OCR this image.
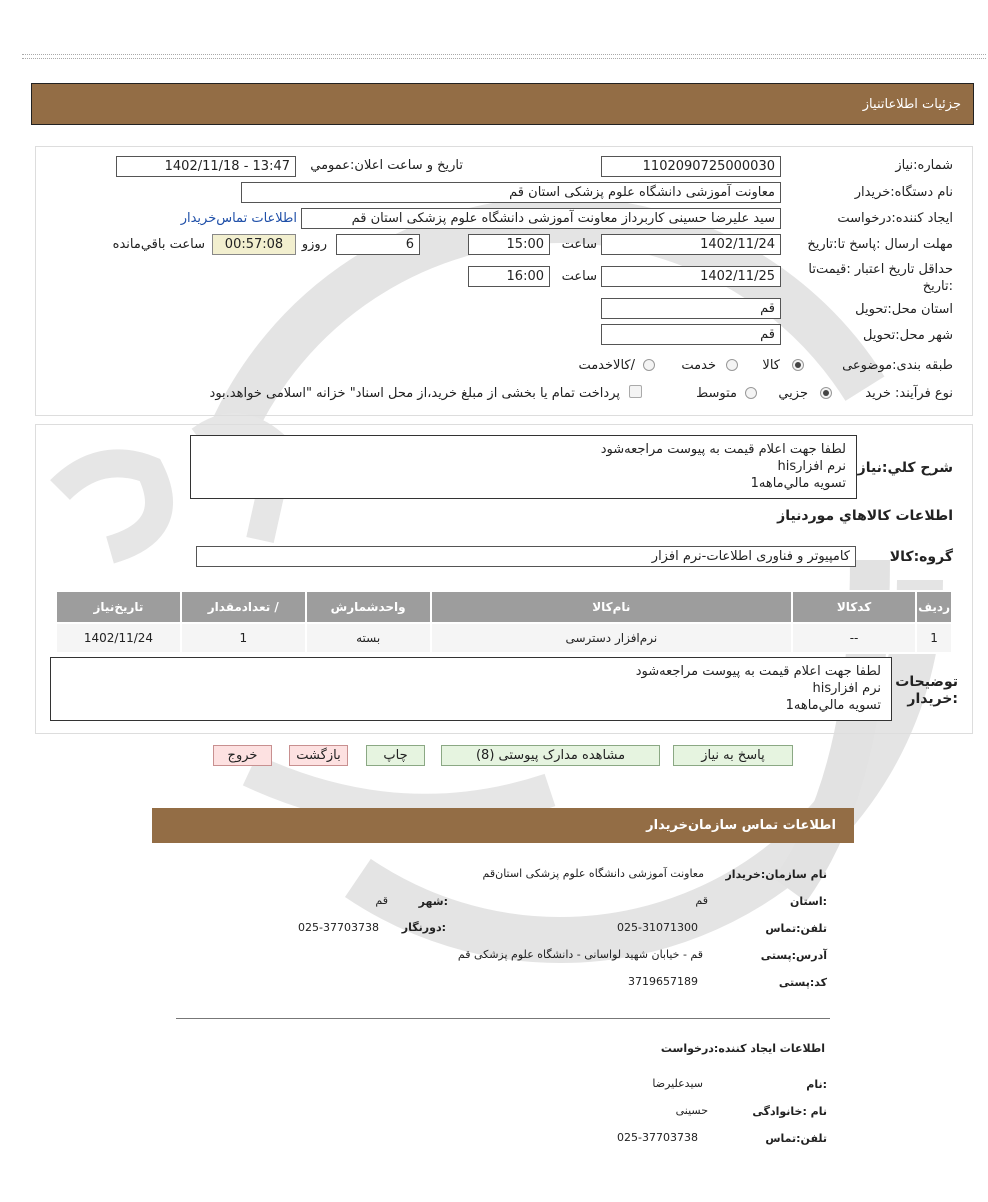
جزئیات اطلاعاتنیاز
شماره:نياز
1102090725000030
تاريخ و ساعت اعلان:عمومي
1402/11/18 - 13:47
نام دستگاه:خريدار
معاونت آموزشی دانشگاه علوم پزشکی استان قم
ايجاد کننده:درخواست
سید علیرضا حسینی کاربرداز معاونت آموزشی دانشگاه علوم پزشکی استان قم
اطلاعات تماس‌خريدار
مهلت ارسال :پاسخ تا:تاريخ
1402/11/24
ساعت
15:00
6
روزو
00:57:08
ساعت باقي‌مانده
حداقل تاريخ اعتبار :قيمت‌تا
:تاريخ
1402/11/25
ساعت
16:00
استان محل:تحويل
قم
شهر محل:تحويل
قم
طبقه بندی:موضوعی
کالا
خدمت
/کالاخدمت
نوع فرآيند: خريد
جزيي
متوسط
پرداخت تمام یا بخشی از مبلغ خرید،از محل اسناد" خزانه "اسلامی خواهد.بود
شرح کلي:نياز
لطفا جهت اعلام قيمت به پيوست مراجعه‌شود
نرم افزارhis
تسويه مالي‌ماهه1
اطلاعات کالاهاي موردنياز
گروه:کالا
کامپیوتر و فناوری اطلاعات-نرم افزار
رديف	کدکالا	نام‌کالا	واحدشمارش	/ تعدادمقدار	تاريخ‌نياز
1	--	نرم‌افزار دسترسی	بسته	1	1402/11/24
توضيحات
:خريدار
لطفا جهت اعلام قيمت به پيوست مراجعه‌شود
نرم افزارhis
تسويه مالي‌ماهه1
پاسخ به نياز
مشاهده مدارک پیوستی (8)
چاپ
بازگشت
خروج
اطلاعات تماس سازمان‌خريدار
نام سازمان:خريدار
معاونت آموزشی دانشگاه علوم پزشکی استان‌قم
:استان
قم
:شهر
قم
تلفن:تماس
025-31071300
:دورنگار
025-37703738
آدرس:پستی
قم - خیابان شهید لواسانی - دانشگاه علوم پزشکی قم
کد:پستی
3719657189
اطلاعات ایجاد کننده:درخواست
:نام
سیدعلیرضا
نام :خانوادگی
حسینی
تلفن:تماس
025-37703738
